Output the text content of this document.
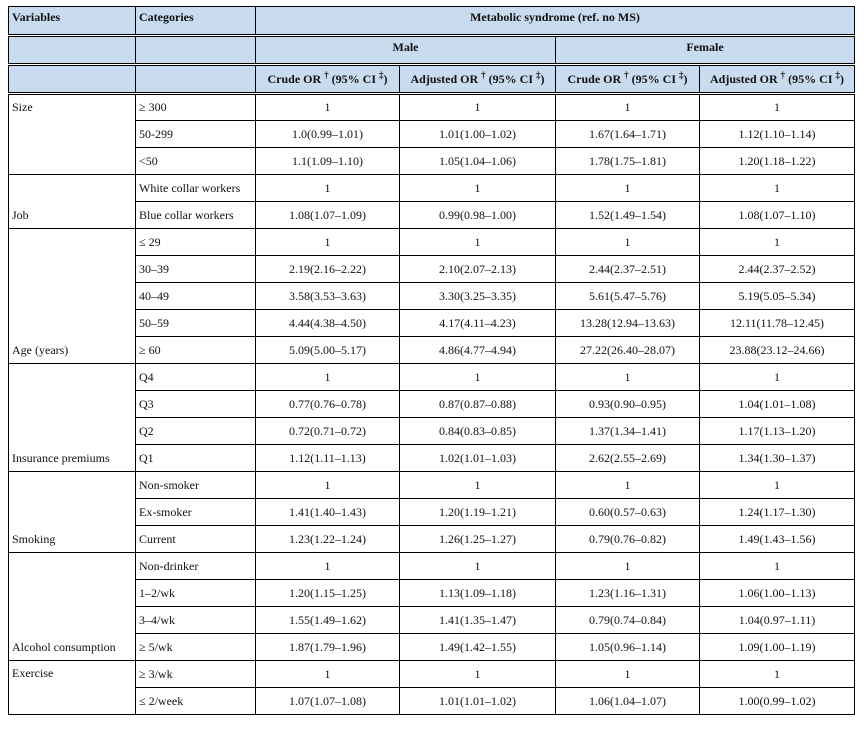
Variables	Categories	Metabolic syndrome (ref. no MS)			
		Male		Female	
		Crude OR † (95% CI ‡)	Adjusted OR † (95% CI ‡)	Crude OR † (95% CI ‡)	Adjusted OR † (95% CI ‡)
Size	≥ 300	1	1	1	1
	50-299	1.0(0.99–1.01)	1.01(1.00–1.02)	1.67(1.64–1.71)	1.12(1.10–1.14)
	<50	1.1(1.09–1.10)	1.05(1.04–1.06)	1.78(1.75–1.81)	1.20(1.18–1.22)
Job	White collar workers	1	1	1	1
	Blue collar workers	1.08(1.07–1.09)	0.99(0.98–1.00)	1.52(1.49–1.54)	1.08(1.07–1.10)
Age (years)	≤ 29	1	1	1	1
	30–39	2.19(2.16–2.22)	2.10(2.07–2.13)	2.44(2.37–2.51)	2.44(2.37–2.52)
	40–49	3.58(3.53–3.63)	3.30(3.25–3.35)	5.61(5.47–5.76)	5.19(5.05–5.34)
	50–59	4.44(4.38–4.50)	4.17(4.11–4.23)	13.28(12.94–13.63)	12.11(11.78–12.45)
	≥ 60	5.09(5.00–5.17)	4.86(4.77–4.94)	27.22(26.40–28.07)	23.88(23.12–24.66)
Insurance premiums	Q4	1	1	1	1
	Q3	0.77(0.76–0.78)	0.87(0.87–0.88)	0.93(0.90–0.95)	1.04(1.01–1.08)
	Q2	0.72(0.71–0.72)	0.84(0.83–0.85)	1.37(1.34–1.41)	1.17(1.13–1.20)
	Q1	1.12(1.11–1.13)	1.02(1.01–1.03)	2.62(2.55–2.69)	1.34(1.30–1.37)
Smoking	Non-smoker	1	1	1	1
	Ex-smoker	1.41(1.40–1.43)	1.20(1.19–1.21)	0.60(0.57–0.63)	1.24(1.17–1.30)
	Current	1.23(1.22–1.24)	1.26(1.25–1.27)	0.79(0.76–0.82)	1.49(1.43–1.56)
Alcohol consumption	Non-drinker	1	1	1	1
	1–2/wk	1.20(1.15–1.25)	1.13(1.09–1.18)	1.23(1.16–1.31)	1.06(1.00–1.13)
	3–4/wk	1.55(1.49–1.62)	1.41(1.35–1.47)	0.79(0.74–0.84)	1.04(0.97–1.11)
	≥ 5/wk	1.87(1.79–1.96)	1.49(1.42–1.55)	1.05(0.96–1.14)	1.09(1.00–1.19)
Exercise	≥ 3/wk	1	1	1	1
	≤ 2/week	1.07(1.07–1.08)	1.01(1.01–1.02)	1.06(1.04–1.07)	1.00(0.99–1.02)
